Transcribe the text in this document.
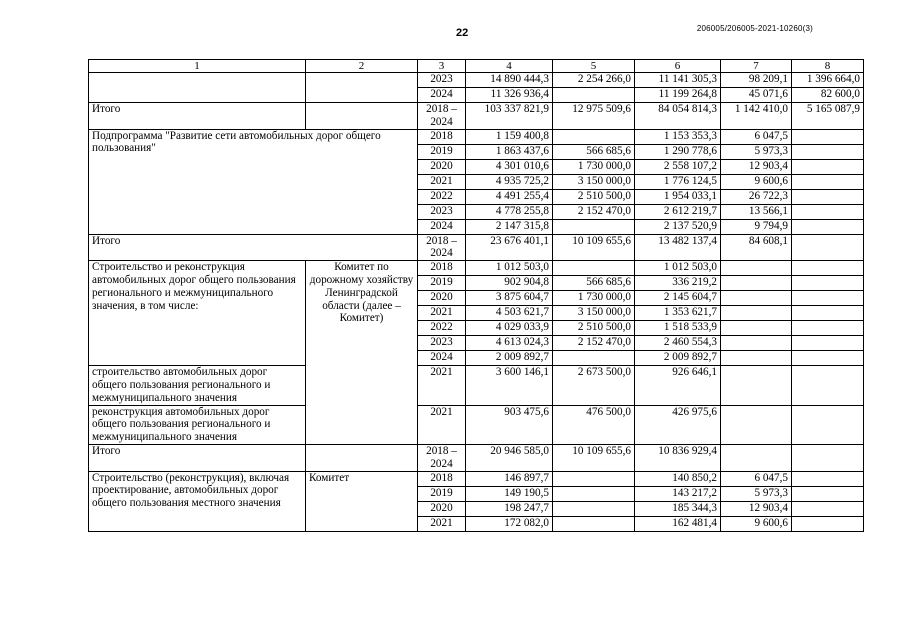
206005/206005-2021-10260(3)
22
1	2	3	4	5	6	7	8
		2023	14 890 444,3	2 254 266,0	11 141 305,3	98 209,1	1 396 664,0
		2024	11 326 936,4		11 199 264,8	45 071,6	82 600,0
Итого		2018 – 2024	103 337 821,9	12 975 509,6	84 054 814,3	1 142 410,0	5 165 087,9
Подпрограмма "Развитие сети автомобильных дорог общего пользования"		2018	1 159 400,8		1 153 353,3	6 047,5	
		2019	1 863 437,6	566 685,6	1 290 778,6	5 973,3	
		2020	4 301 010,6	1 730 000,0	2 558 107,2	12 903,4	
		2021	4 935 725,2	3 150 000,0	1 776 124,5	9 600,6	
		2022	4 491 255,4	2 510 500,0	1 954 033,1	26 722,3	
		2023	4 778 255,8	2 152 470,0	2 612 219,7	13 566,1	
		2024	2 147 315,8		2 137 520,9	9 794,9	
Итого		2018 – 2024	23 676 401,1	10 109 655,6	13 482 137,4	84 608,1	
Строительство и реконструкция автомобильных дорог общего пользования регионального и межмуниципального значения, в том числе:	Комитет по дорожному хозяйству Ленинградской области (далее – Комитет)	2018	1 012 503,0		1 012 503,0		
		2019	902 904,8	566 685,6	336 219,2		
		2020	3 875 604,7	1 730 000,0	2 145 604,7		
		2021	4 503 621,7	3 150 000,0	1 353 621,7		
		2022	4 029 033,9	2 510 500,0	1 518 533,9		
		2023	4 613 024,3	2 152 470,0	2 460 554,3		
		2024	2 009 892,7		2 009 892,7		
строительство автомобильных дорог общего пользования регионального и межмуниципального значения		2021	3 600 146,1	2 673 500,0	926 646,1		
реконструкция автомобильных дорог общего пользования регионального и межмуниципального значения		2021	903 475,6	476 500,0	426 975,6		
Итого		2018 – 2024	20 946 585,0	10 109 655,6	10 836 929,4		
Строительство (реконструкция), включая проектирование, автомобильных дорог общего пользования местного значения	Комитет	2018	146 897,7		140 850,2	6 047,5	
		2019	149 190,5		143 217,2	5 973,3	
		2020	198 247,7		185 344,3	12 903,4	
		2021	172 082,0		162 481,4	9 600,6	
